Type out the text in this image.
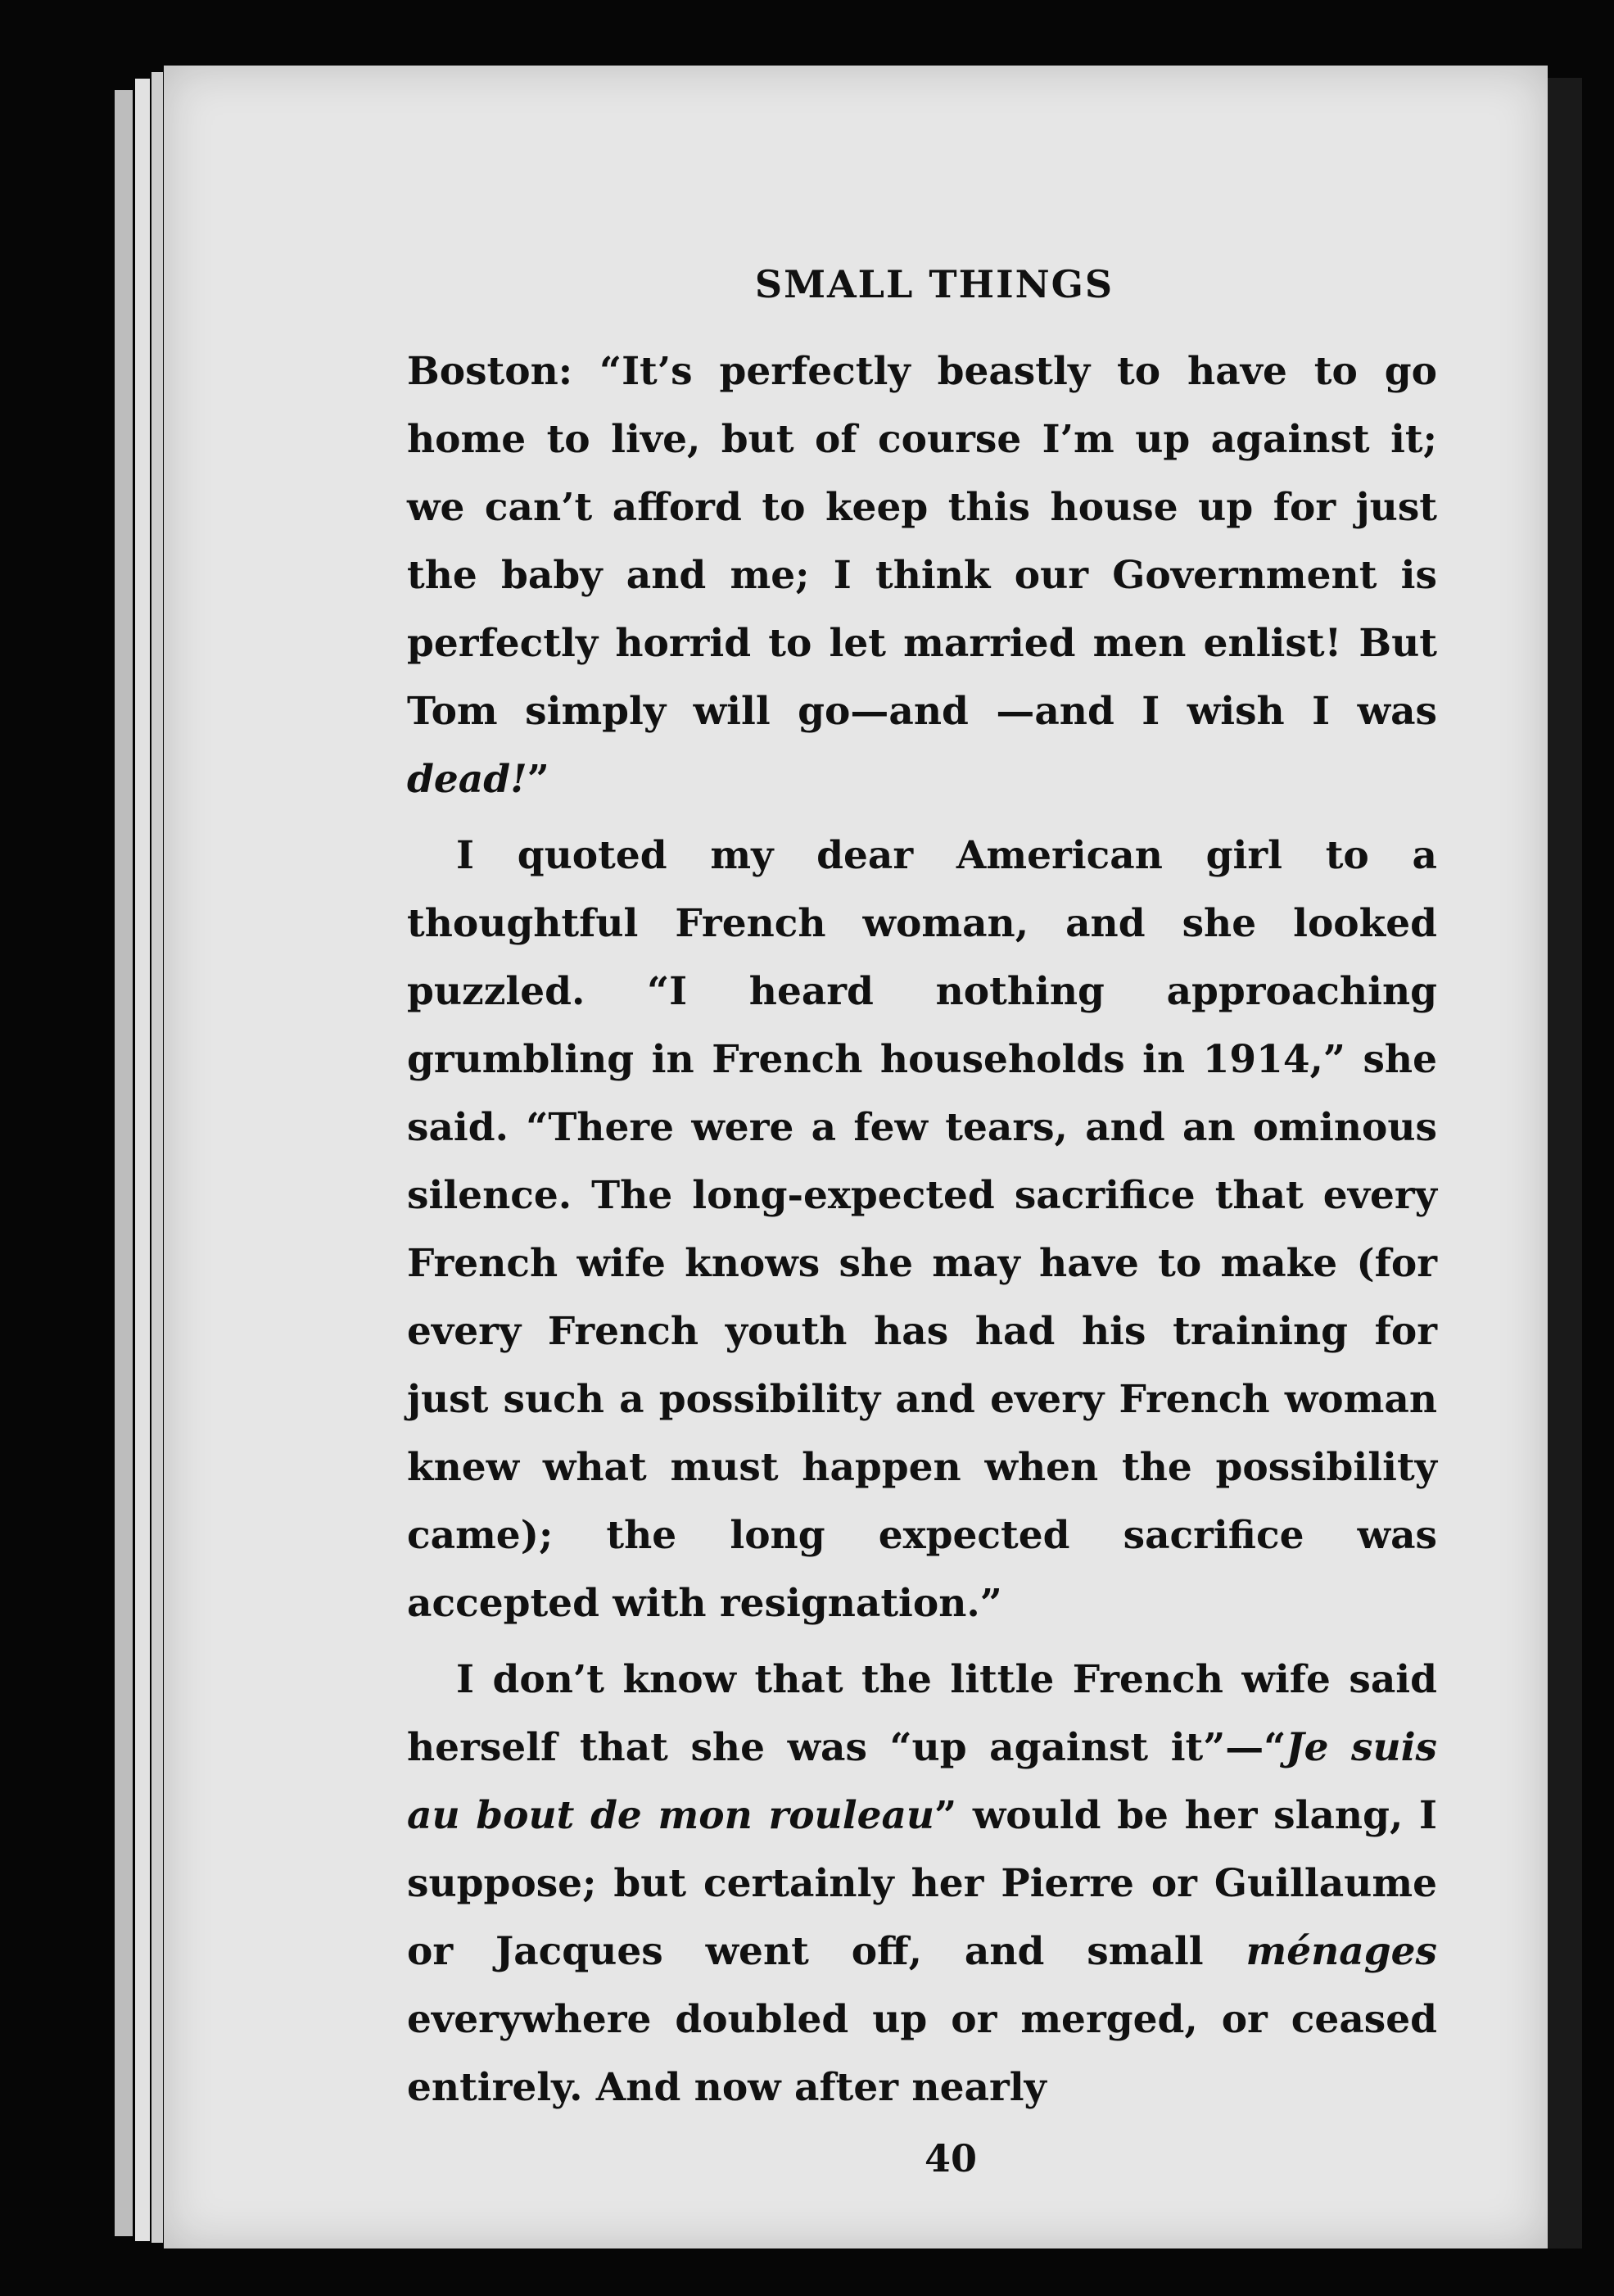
SMALL THINGS

Boston: “It’s perfectly beastly to have to go home to live, but of course I’m up against it; we can’t afford to keep this house up for just the baby and me; I think our Government is perfectly horrid to let married men enlist! But Tom simply will go—and —and I wish I was dead!”

I quoted my dear American girl to a thoughtful French woman, and she looked puzzled. “I heard nothing approaching grumbling in French households in 1914,” she said. “There were a few tears, and an ominous silence. The long-expected sacrifice that every French wife knows she may have to make (for every French youth has had his training for just such a possibility and every French woman knew what must happen when the possibility came); the long expected sacrifice was accepted with resignation.”

I don’t know that the little French wife said herself that she was “up against it”—“Je suis au bout de mon rouleau” would be her slang, I suppose; but certainly her Pierre or Guillaume or Jacques went off, and small ménages everywhere doubled up or merged, or ceased entirely. And now after nearly

40
